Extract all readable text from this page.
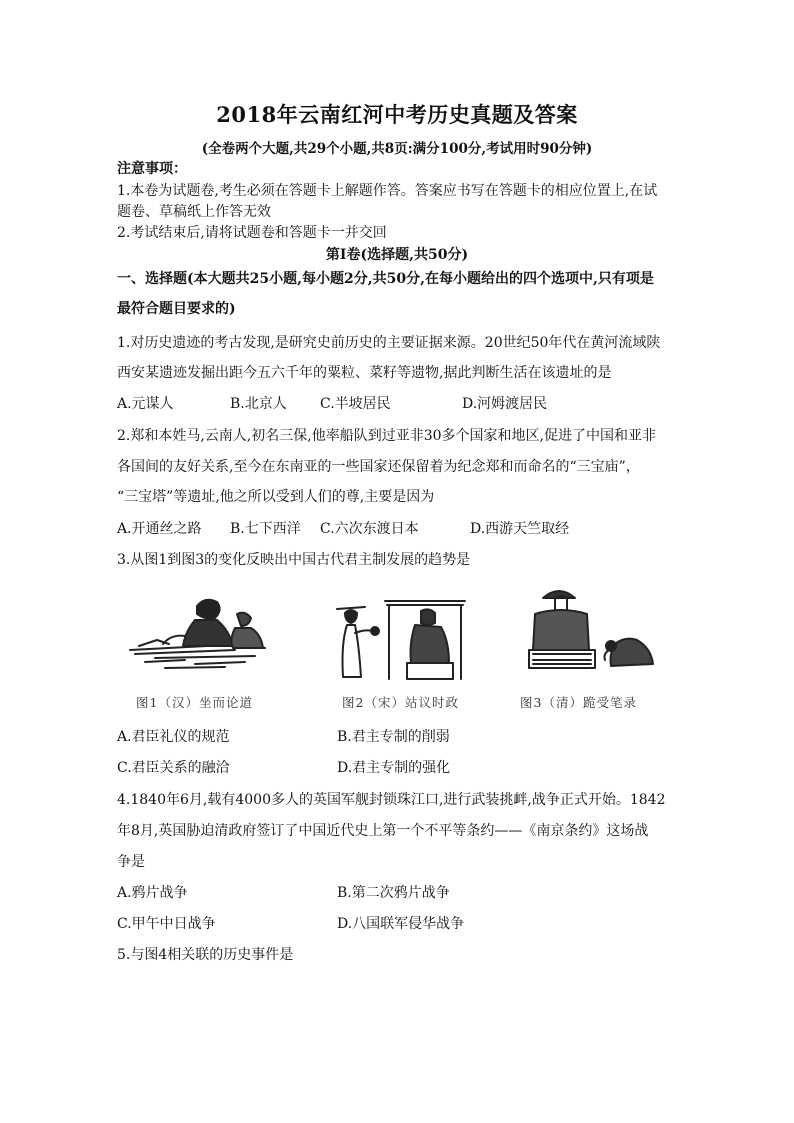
2018年云南红河中考历史真题及答案
(全卷两个大题,共29个小题,共8页:满分100分,考试用时90分钟)
注意事项：
1.本卷为试题卷,考生必须在答题卡上解题作答。答案应书写在答题卡的相应位置上,在试
题卷、草稿纸上作答无效
2.考试结束后,请将试题卷和答题卡一并交回
第Ⅰ卷(选择题,共50分)
一、选择题(本大题共25小题,每小题2分,共50分,在每小题给出的四个选项中,只有项是
最符合题目要求的)
1.对历史遗迹的考古发现,是研究史前历史的主要证据来源。20世纪50年代在黄河流域陕
西安某遗迹发掘出距今五六千年的粟粒、菜籽等遗物,据此判断生活在该遗址的是
A.元谋人	B.北京人 C.半坡居民	D.河姆渡居民
2.郑和本姓马,云南人,初名三保,他率船队到过亚非30多个国家和地区,促进了中国和亚非
各国间的友好关系,至今在东南亚的一些国家还保留着为纪念郑和而命名的“三宝庙”，
“三宝塔”等遗址,他之所以受到人们的尊,主要是因为
A.开通丝之路 B.七下西洋 C.六次东渡日本	D.西游天竺取经
3.从图1到图3的变化反映出中国古代君主制发展的趋势是
图1（汉）坐而论道	图2（宋）站议时政	图3（清）跪受笔录
A.君臣礼仪的规范	B.君主专制的削弱
C.君臣关系的融洽	D.君主专制的强化
4.1840年6月,载有4000多人的英国军舰封锁珠江口,进行武装挑衅,战争正式开始。1842
年8月,英国胁迫清政府签订了中国近代史上第一个不平等条约——《南京条约》这场战
争是
A.鸦片战争	B.第二次鸦片战争
C.甲午中日战争	D.八国联军侵华战争
5.与图4相关联的历史事件是
